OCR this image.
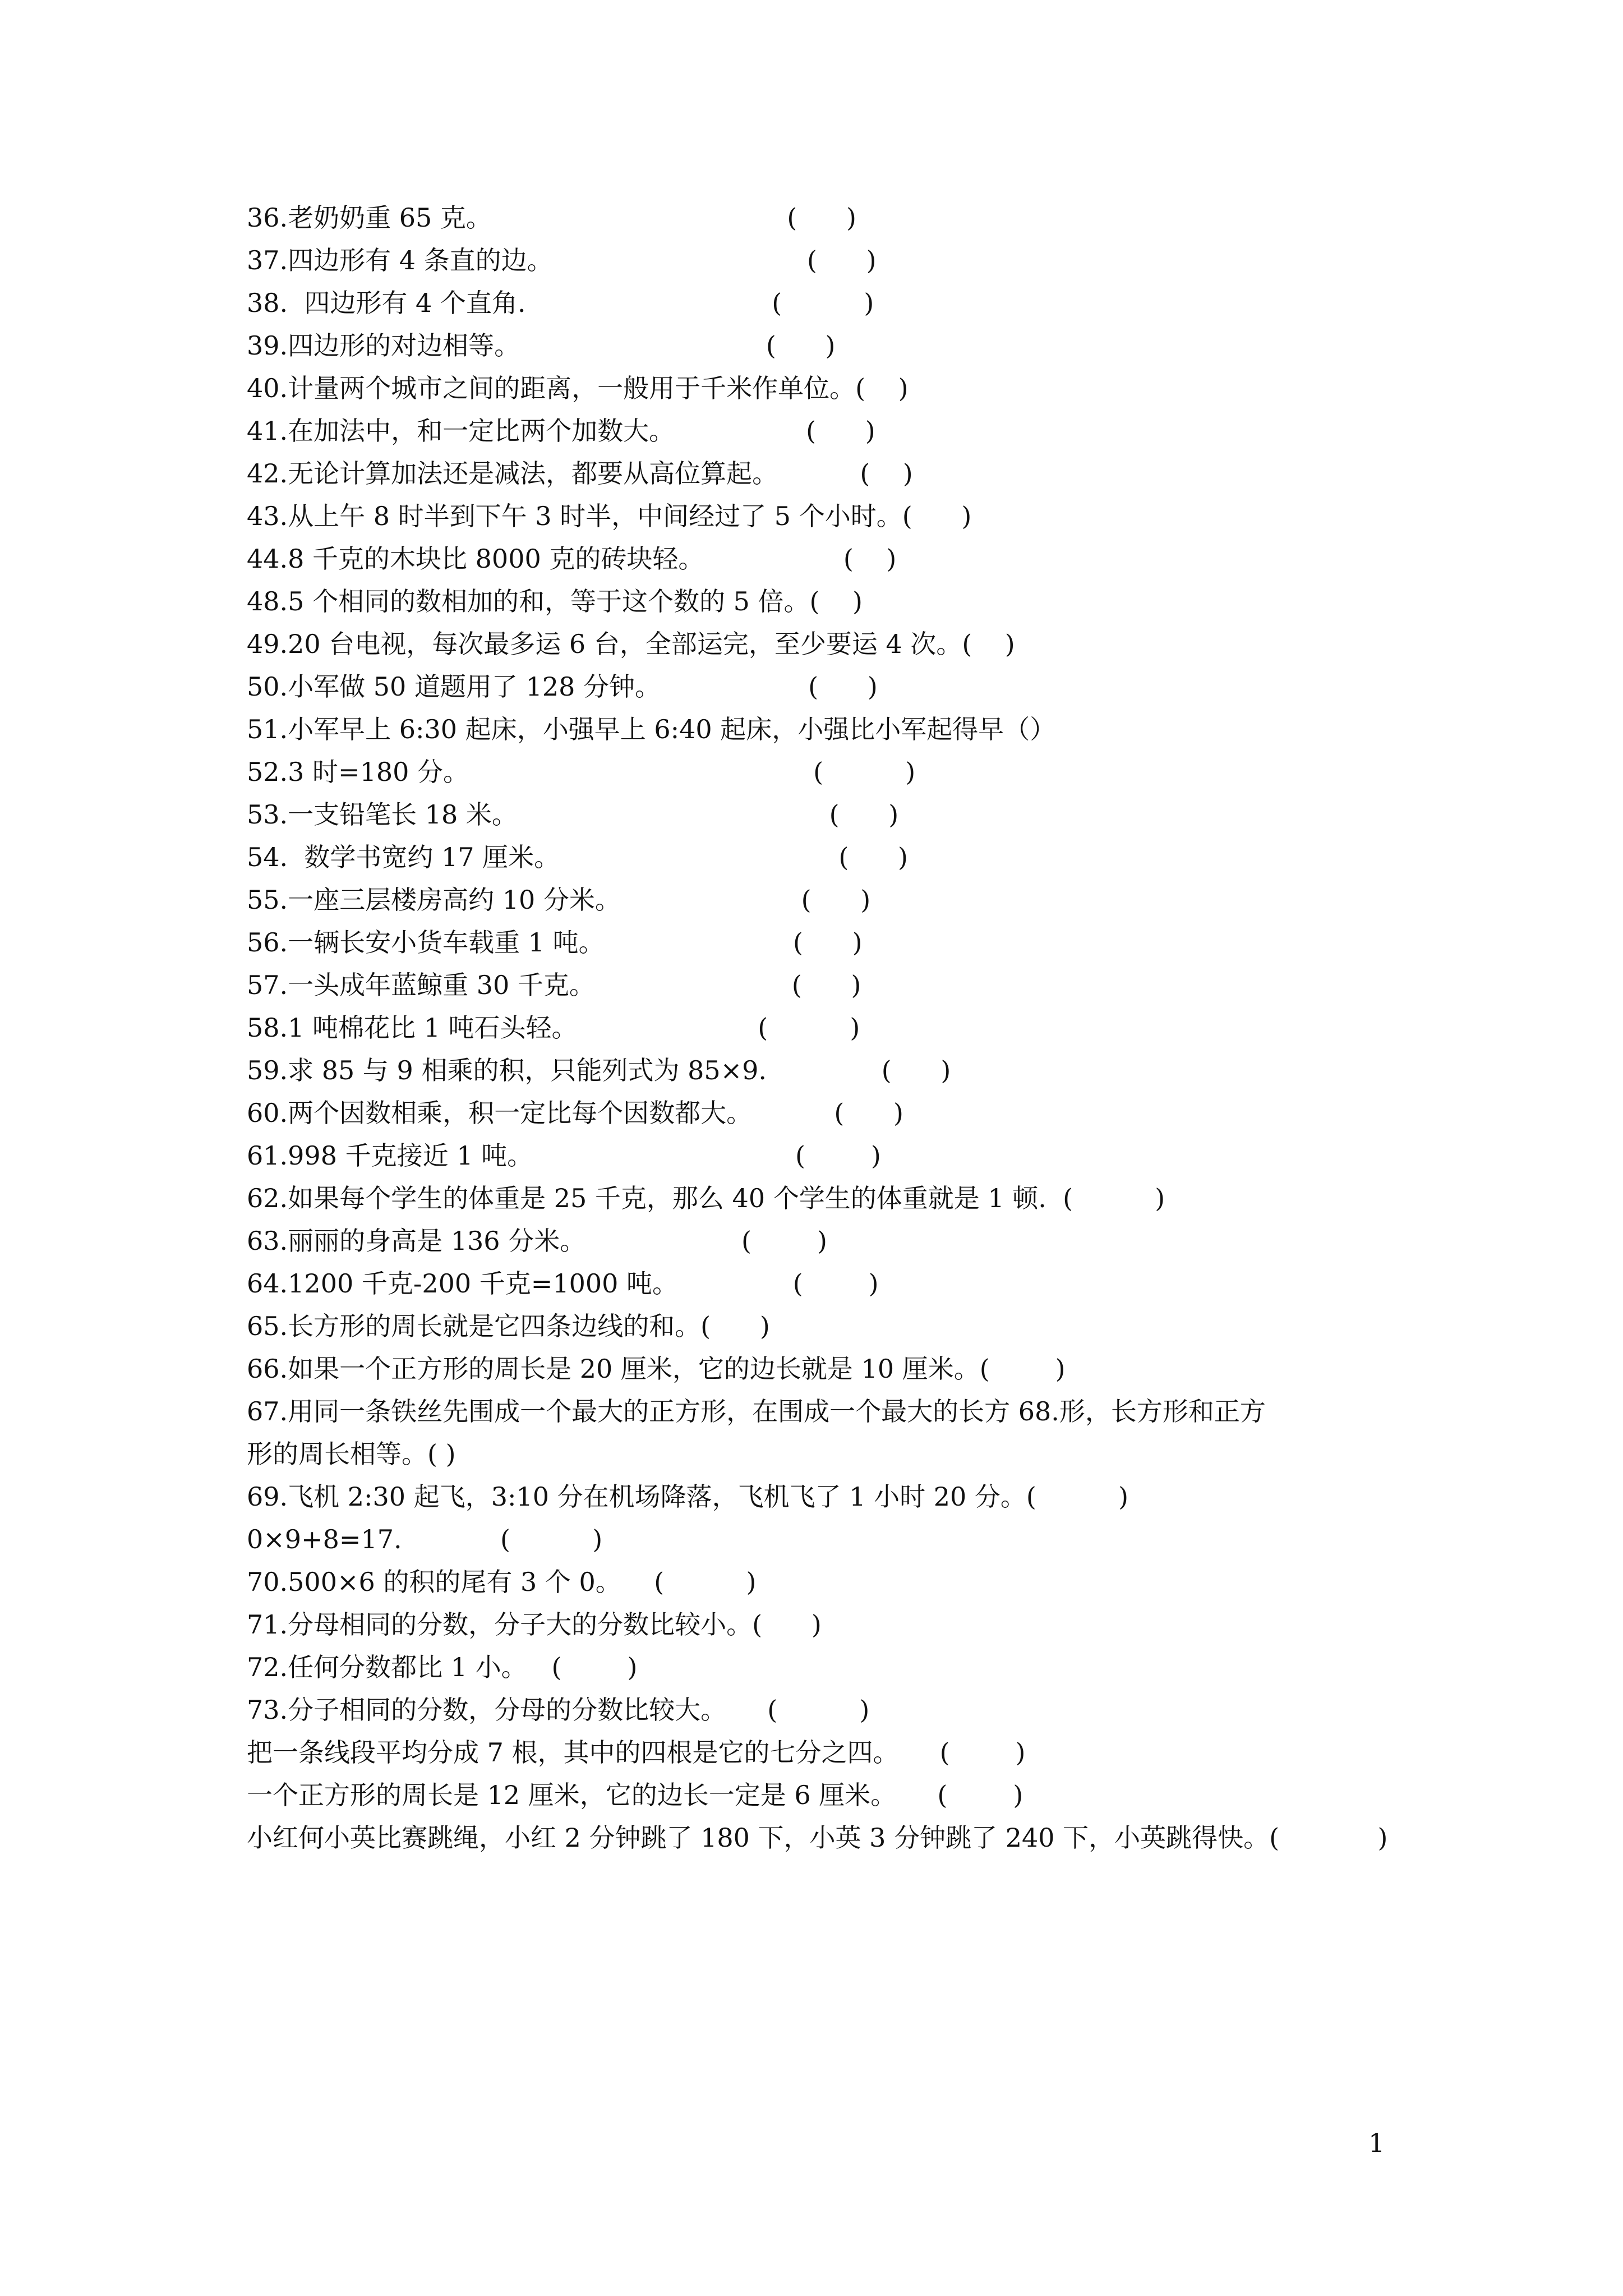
36.老奶奶重 65 克。                                    (      )
37.四边形有 4 条直的边。                               (      )
38.  四边形有 4 个直角.                              (          )
39.四边形的对边相等。                              (      )
40.计量两个城市之间的距离，一般用于千米作单位。(    )
41.在加法中，和一定比两个加数大。                (      )
42.无论计算加法还是减法，都要从高位算起。          (    )
43.从上午 8 时半到下午 3 时半，中间经过了 5 个小时。(      )
44.8 千克的木块比 8000 克的砖块轻。                 (    )
48.5 个相同的数相加的和，等于这个数的 5 倍。(    )
49.20 台电视，每次最多运 6 台，全部运完，至少要运 4 次。(    )
50.小军做 50 道题用了 128 分钟。                  (      )
51.小军早上 6:30 起床，小强早上 6:40 起床，小强比小军起得早（）
52.3 时=180 分。                                          (          )
53.一支铅笔长 18 米。                                      (      )
54.  数学书宽约 17 厘米。                                  (      )
55.一座三层楼房高约 10 分米。                      (      )
56.一辆长安小货车载重 1 吨。                       (      )
57.一头成年蓝鲸重 30 千克。                        (      )
58.1 吨棉花比 1 吨石头轻。                      (          )
59.求 85 与 9 相乘的积，只能列式为 85×9.              (      )
60.两个因数相乘，积一定比每个因数都大。          (      )
61.998 千克接近 1 吨。                                (        )
62.如果每个学生的体重是 25 千克，那么 40 个学生的体重就是 1 顿.  (          )
63.丽丽的身高是 136 分米。                   (        )
64.1200 千克-200 千克=1000 吨。              (        )
65.长方形的周长就是它四条边线的和。(      )
66.如果一个正方形的周长是 20 厘米，它的边长就是 10 厘米。(        )
67.用同一条铁丝先围成一个最大的正方形，在围成一个最大的长方 68.形，长方形和正方
形的周长相等。( )
69.飞机 2:30 起飞，3:10 分在机场降落，飞机飞了 1 小时 20 分。(          )
0×9+8=17.            (          )
70.500×6 的积的尾有 3 个 0。    (          )
71.分母相同的分数，分子大的分数比较小。(      )
72.任何分数都比 1 小。   (        )
73.分子相同的分数，分母的分数比较大。     (          )
把一条线段平均分成 7 根，其中的四根是它的七分之四。     (        )
一个正方形的周长是 12 厘米，它的边长一定是 6 厘米。     (        )
小红何小英比赛跳绳，小红 2 分钟跳了 180 下，小英 3 分钟跳了 240 下，小英跳得快。(            )
1
